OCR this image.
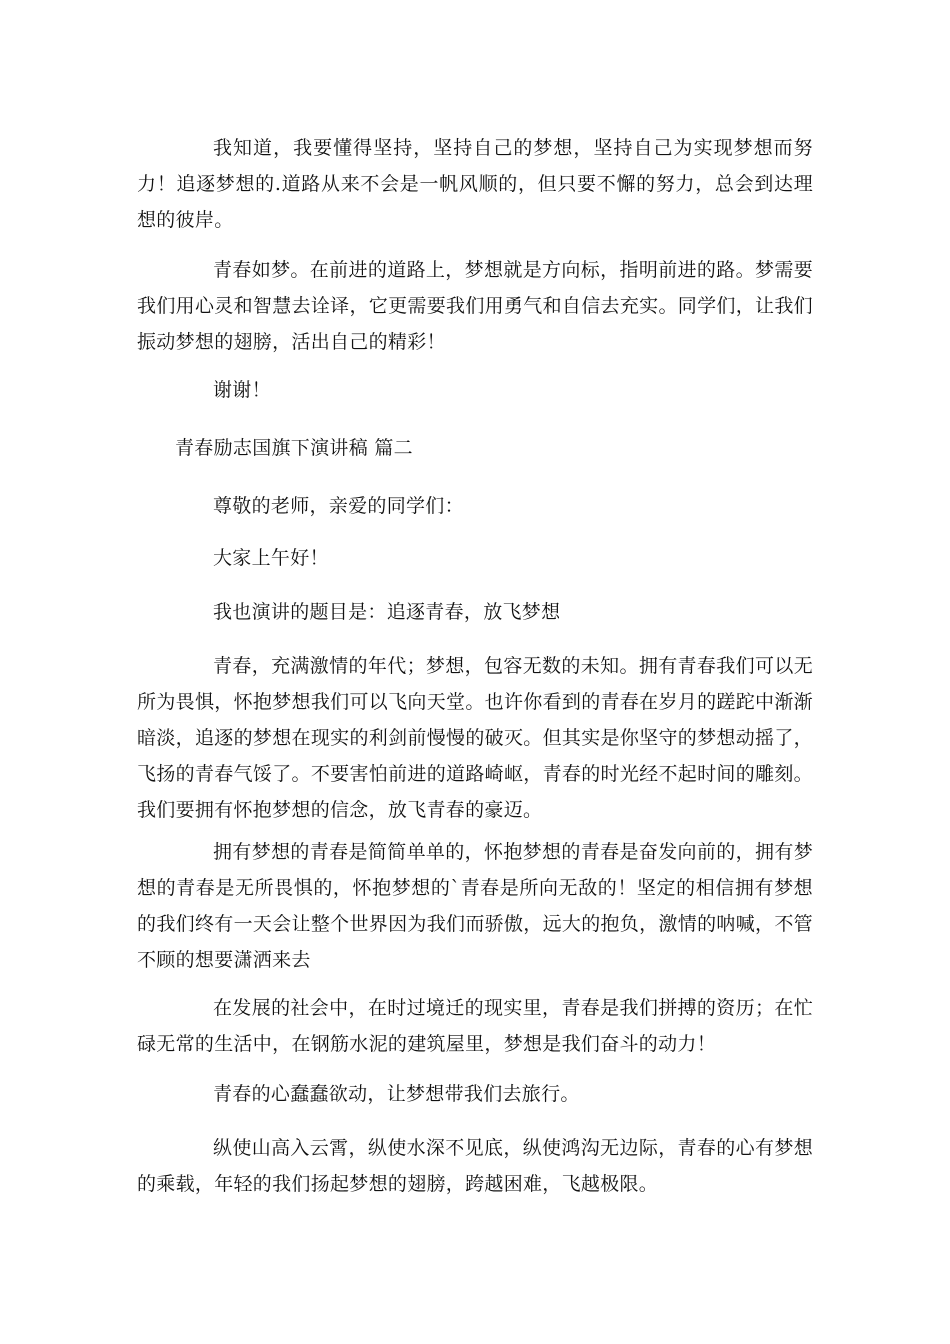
我知道，我要懂得坚持，坚持自己的梦想，坚持自己为实现梦想而努力！追逐梦想的.道路从来不会是一帆风顺的，但只要不懈的努力，总会到达理想的彼岸。

青春如梦。在前进的道路上，梦想就是方向标，指明前进的路。梦需要我们用心灵和智慧去诠译，它更需要我们用勇气和自信去充实。同学们，让我们振动梦想的翅膀，活出自己的精彩！

谢谢！

青春励志国旗下演讲稿 篇二

尊敬的老师，亲爱的同学们：

大家上午好！

我也演讲的题目是：追逐青春，放飞梦想

青春，充满激情的年代；梦想，包容无数的未知。拥有青春我们可以无所为畏惧，怀抱梦想我们可以飞向天堂。也许你看到的青春在岁月的蹉跎中渐渐暗淡，追逐的梦想在现实的利剑前慢慢的破灭。但其实是你坚守的梦想动摇了，飞扬的青春气馁了。不要害怕前进的道路崎岖，青春的时光经不起时间的雕刻。我们要拥有怀抱梦想的信念，放飞青春的豪迈。

拥有梦想的青春是简简单单的，怀抱梦想的青春是奋发向前的，拥有梦想的青春是无所畏惧的，怀抱梦想的`青春是所向无敌的！坚定的相信拥有梦想的我们终有一天会让整个世界因为我们而骄傲，远大的抱负，激情的呐喊，不管不顾的想要潇洒来去

在发展的社会中，在时过境迁的现实里，青春是我们拼搏的资历；在忙碌无常的生活中，在钢筋水泥的建筑屋里，梦想是我们奋斗的动力！

青春的心蠢蠢欲动，让梦想带我们去旅行。

纵使山高入云霄，纵使水深不见底，纵使鸿沟无边际，青春的心有梦想的乘载，年轻的我们扬起梦想的翅膀，跨越困难，飞越极限。
